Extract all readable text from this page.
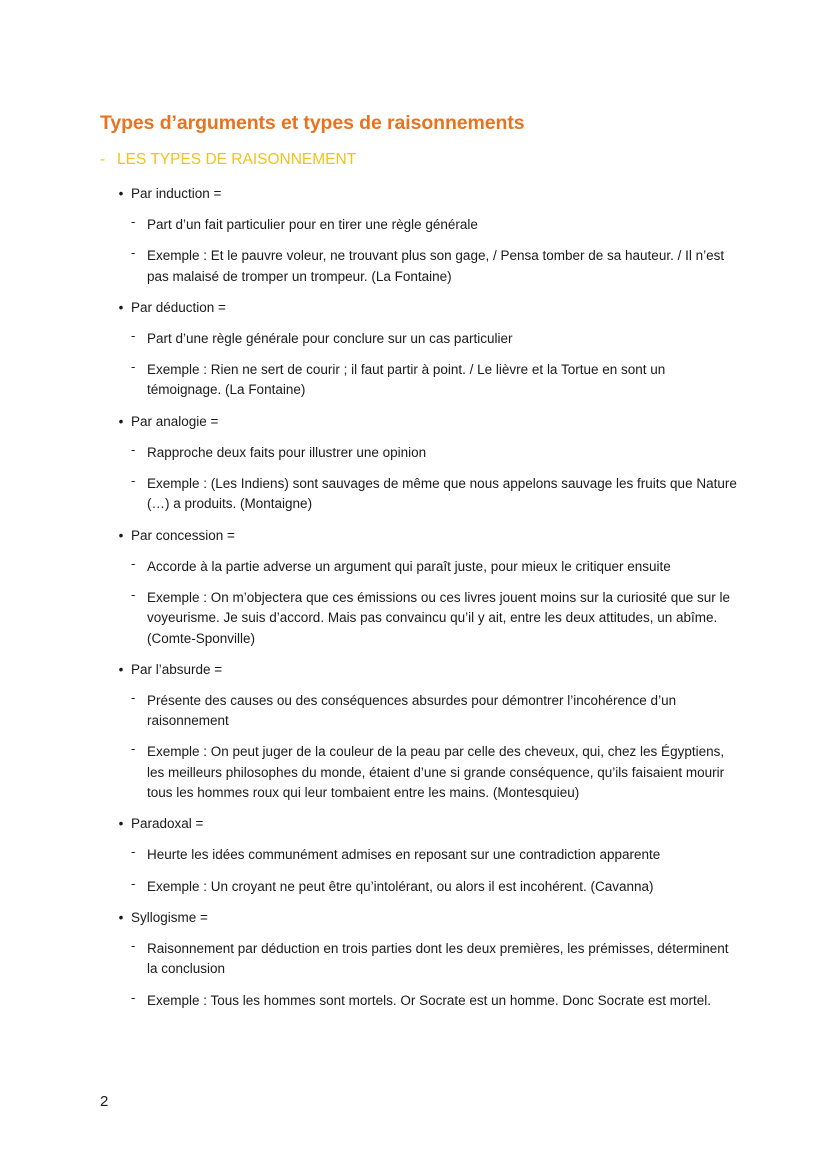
Types d’arguments et types de raisonnements
- LES TYPES DE RAISONNEMENT
• Par induction =
- Part d’un fait particulier pour en tirer une règle générale
- Exemple : Et le pauvre voleur, ne trouvant plus son gage, / Pensa tomber de sa hauteur. / Il n’est pas malaisé de tromper un trompeur. (La Fontaine)
• Par déduction =
- Part d’une règle générale pour conclure sur un cas particulier
- Exemple : Rien ne sert de courir ; il faut partir à point. / Le lièvre et la Tortue en sont un témoignage. (La Fontaine)
• Par analogie =
- Rapproche deux faits pour illustrer une opinion
- Exemple : (Les Indiens) sont sauvages de même que nous appelons sauvage les fruits que Nature (…) a produits. (Montaigne)
• Par concession =
- Accorde à la partie adverse un argument qui paraît juste, pour mieux le critiquer ensuite
- Exemple : On m’objectera que ces émissions ou ces livres jouent moins sur la curiosité que sur le voyeurisme. Je suis d’accord. Mais pas convaincu qu’il y ait, entre les deux attitudes, un abîme. (Comte-Sponville)
• Par l’absurde =
- Présente des causes ou des conséquences absurdes pour démontrer l’incohérence d’un raisonnement
- Exemple : On peut juger de la couleur de la peau par celle des cheveux, qui, chez les Égyptiens, les meilleurs philosophes du monde, étaient d’une si grande conséquence, qu’ils faisaient mourir tous les hommes roux qui leur tombaient entre les mains. (Montesquieu)
• Paradoxal =
- Heurte les idées communément admises en reposant sur une contradiction apparente
- Exemple : Un croyant ne peut être qu’intolérant, ou alors il est incohérent. (Cavanna)
• Syllogisme =
- Raisonnement par déduction en trois parties dont les deux premières, les prémisses, déterminent la conclusion
- Exemple : Tous les hommes sont mortels. Or Socrate est un homme. Donc Socrate est mortel.
2
